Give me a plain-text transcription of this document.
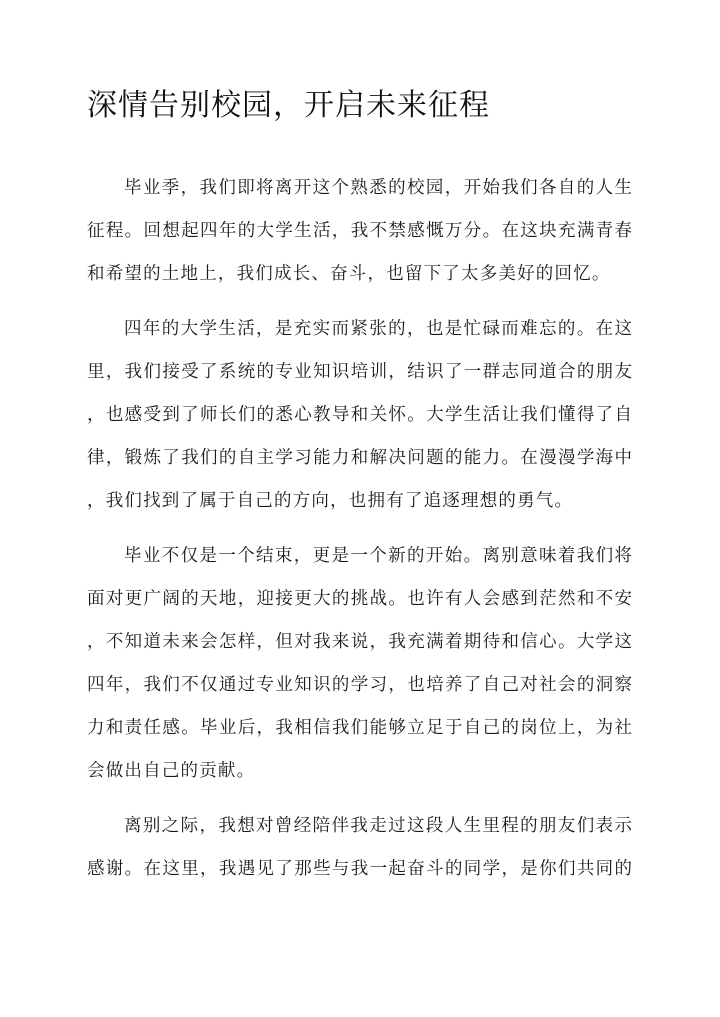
深情告别校园，开启未来征程
毕业季，我们即将离开这个熟悉的校园，开始我们各自的人生
征程。回想起四年的大学生活，我不禁感慨万分。在这块充满青春
和希望的土地上，我们成长、奋斗，也留下了太多美好的回忆。
四年的大学生活，是充实而紧张的，也是忙碌而难忘的。在这
里，我们接受了系统的专业知识培训，结识了一群志同道合的朋友
，也感受到了师长们的悉心教导和关怀。大学生活让我们懂得了自
律，锻炼了我们的自主学习能力和解决问题的能力。在漫漫学海中
，我们找到了属于自己的方向，也拥有了追逐理想的勇气。
毕业不仅是一个结束，更是一个新的开始。离别意味着我们将
面对更广阔的天地，迎接更大的挑战。也许有人会感到茫然和不安
，不知道未来会怎样，但对我来说，我充满着期待和信心。大学这
四年，我们不仅通过专业知识的学习，也培养了自己对社会的洞察
力和责任感。毕业后，我相信我们能够立足于自己的岗位上，为社
会做出自己的贡献。
离别之际，我想对曾经陪伴我走过这段人生里程的朋友们表示
感谢。在这里，我遇见了那些与我一起奋斗的同学，是你们共同的
